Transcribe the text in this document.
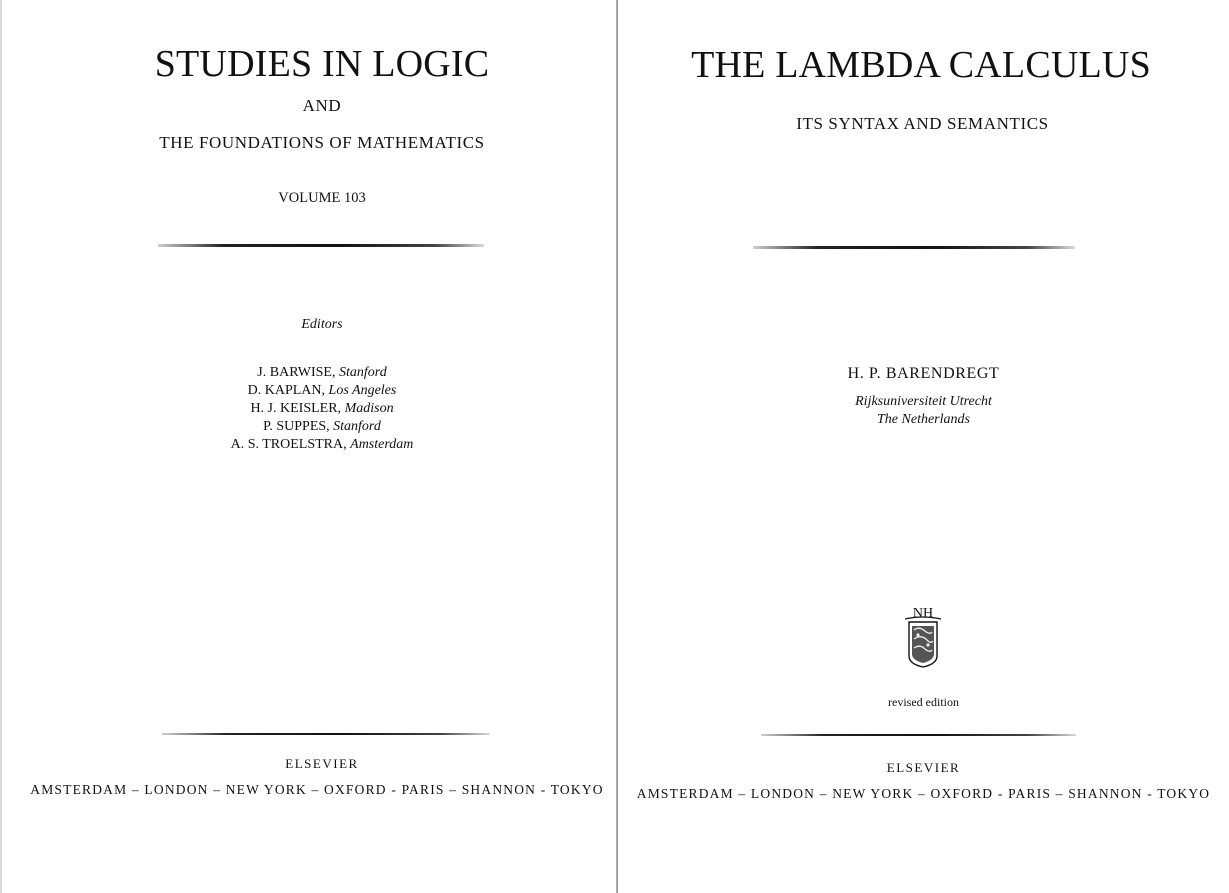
STUDIES IN LOGIC
AND
THE FOUNDATIONS OF MATHEMATICS
VOLUME 103
Editors
J. BARWISE, Stanford
D. KAPLAN, Los Angeles
H. J. KEISLER, Madison
P. SUPPES, Stanford
A. S. TROELSTRA, Amsterdam
ELSEVIER
AMSTERDAM – LONDON – NEW YORK – OXFORD - PARIS – SHANNON - TOKYO
THE LAMBDA CALCULUS
ITS SYNTAX AND SEMANTICS
H. P. BARENDREGT
Rijksuniversiteit Utrecht
The Netherlands
NH
revised edition
ELSEVIER
AMSTERDAM – LONDON – NEW YORK – OXFORD - PARIS – SHANNON - TOKYO
